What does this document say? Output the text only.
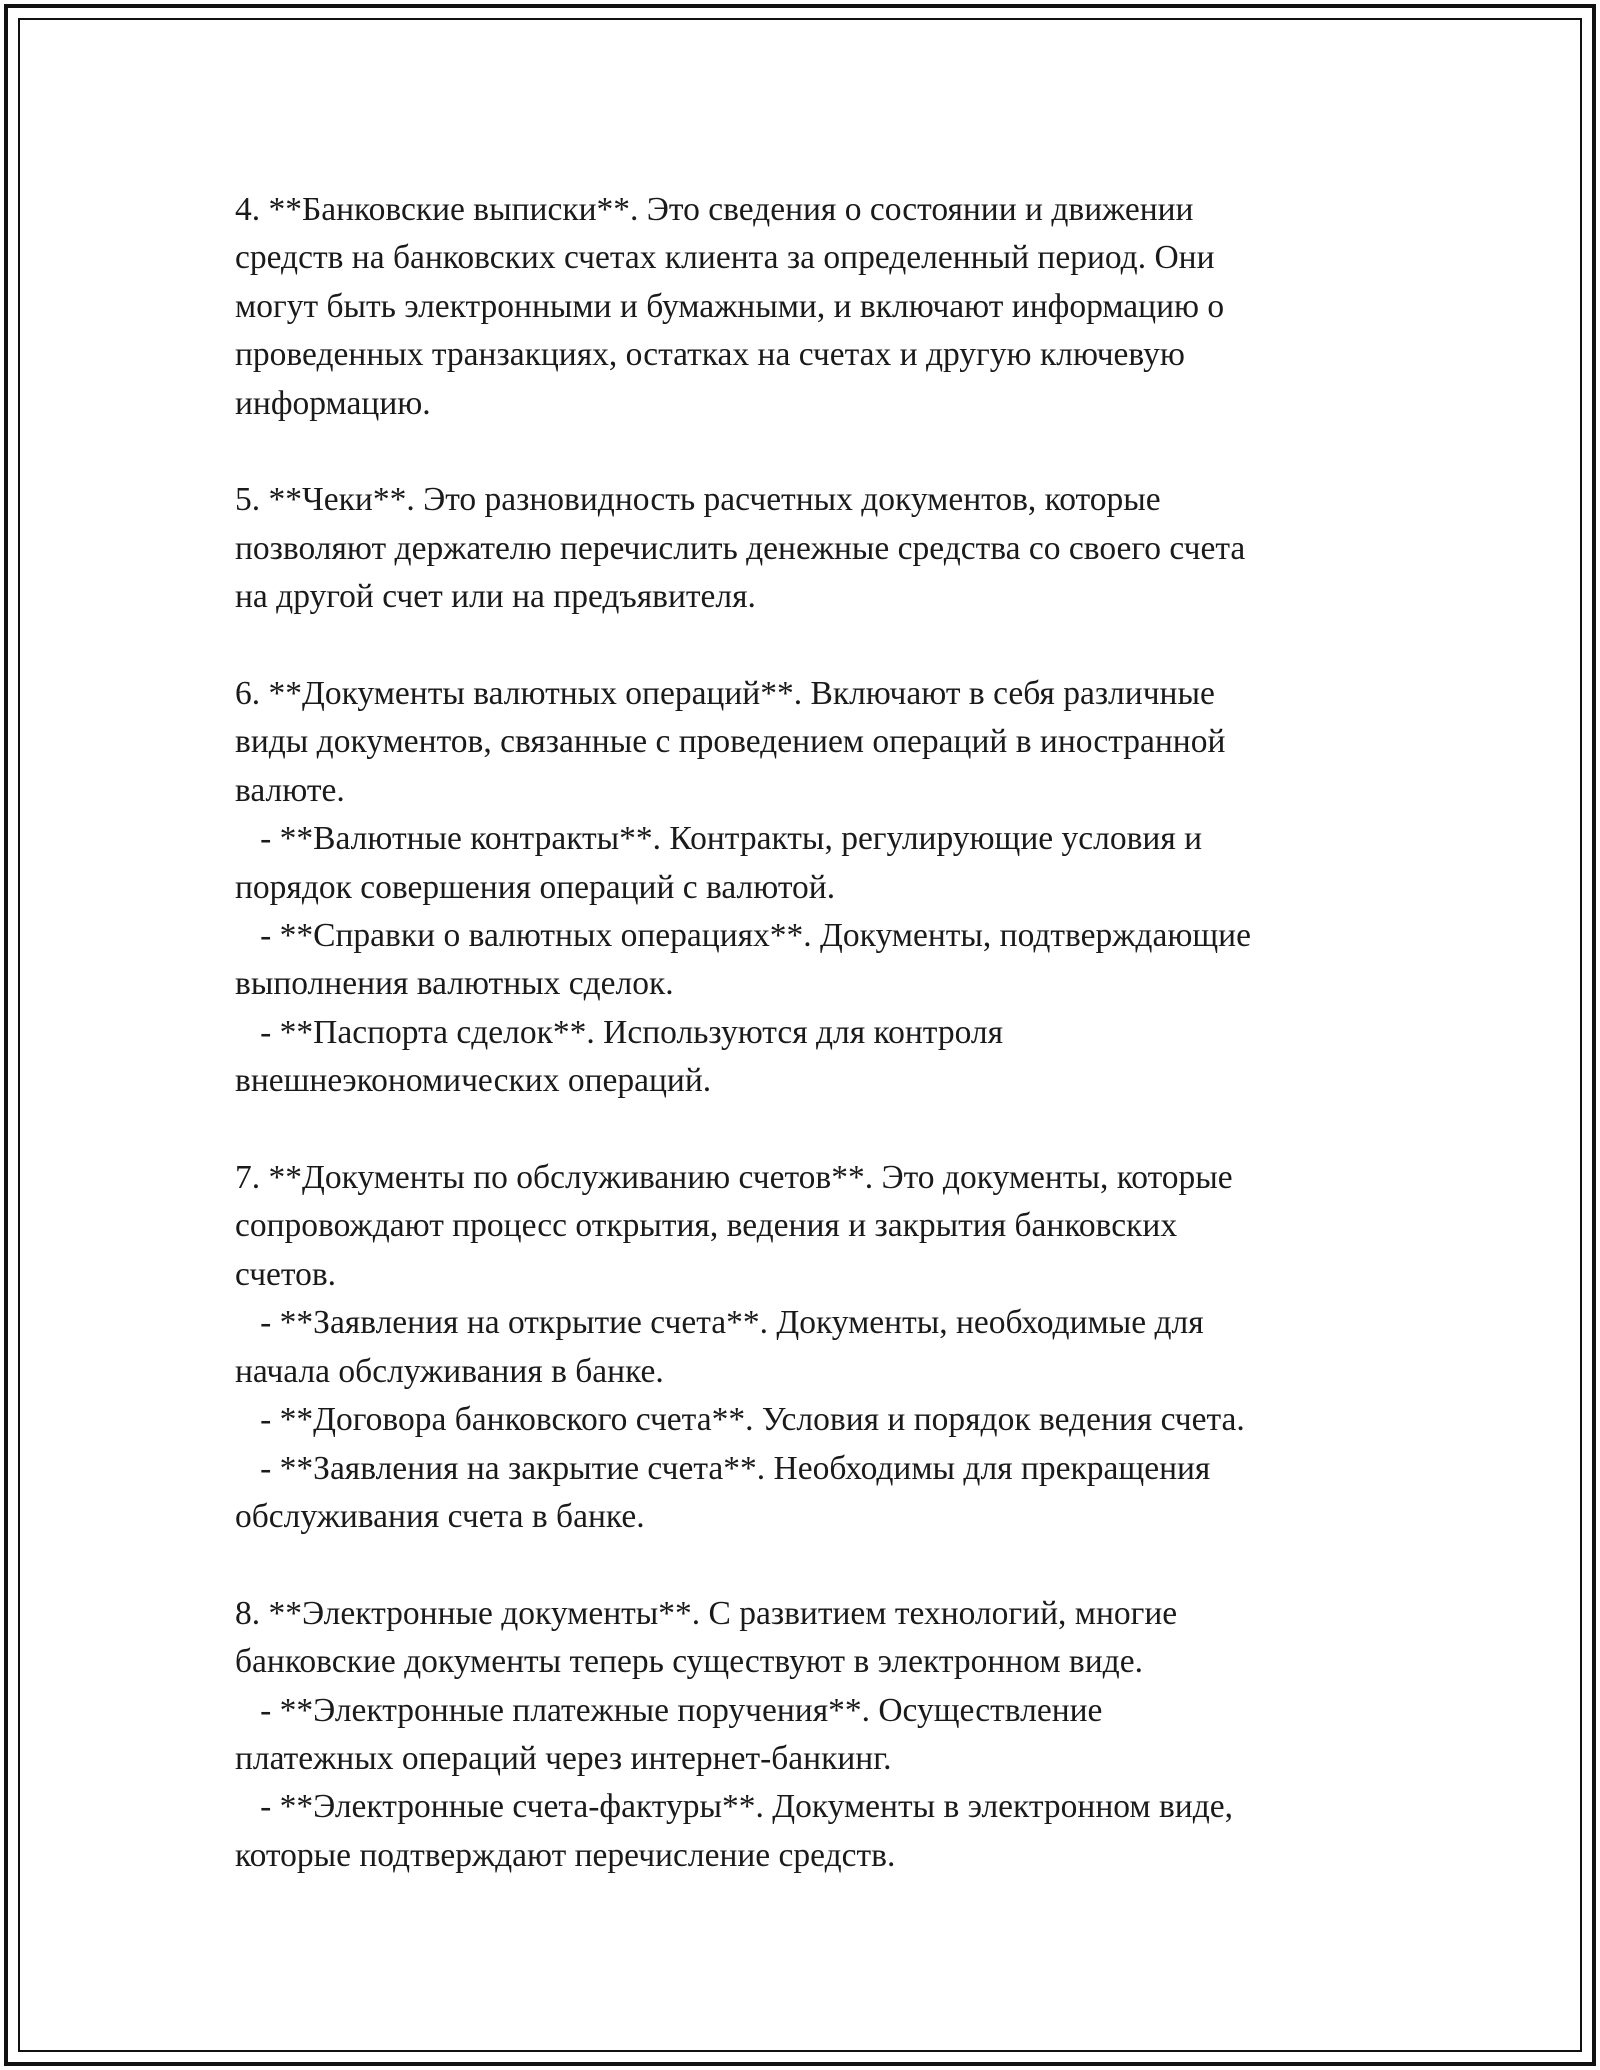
4. **Банковские выписки**. Это сведения о состоянии и движении
средств на банковских счетах клиента за определенный период. Они
могут быть электронными и бумажными, и включают информацию о
проведенных транзакциях, остатках на счетах и другую ключевую
информацию.
5. **Чеки**. Это разновидность расчетных документов, которые
позволяют держателю перечислить денежные средства со своего счета
на другой счет или на предъявителя.
6. **Документы валютных операций**. Включают в себя различные
виды документов, связанные с проведением операций в иностранной
валюте.
- **Валютные контракты**. Контракты, регулирующие условия и
порядок совершения операций с валютой.
- **Справки о валютных операциях**. Документы, подтверждающие
выполнения валютных сделок.
- **Паспорта сделок**. Используются для контроля
внешнеэкономических операций.
7. **Документы по обслуживанию счетов**. Это документы, которые
сопровождают процесс открытия, ведения и закрытия банковских
счетов.
- **Заявления на открытие счета**. Документы, необходимые для
начала обслуживания в банке.
- **Договора банковского счета**. Условия и порядок ведения счета.
- **Заявления на закрытие счета**. Необходимы для прекращения
обслуживания счета в банке.
8. **Электронные документы**. С развитием технологий, многие
банковские документы теперь существуют в электронном виде.
- **Электронные платежные поручения**. Осуществление
платежных операций через интернет-банкинг.
- **Электронные счета-фактуры**. Документы в электронном виде,
которые подтверждают перечисление средств.
